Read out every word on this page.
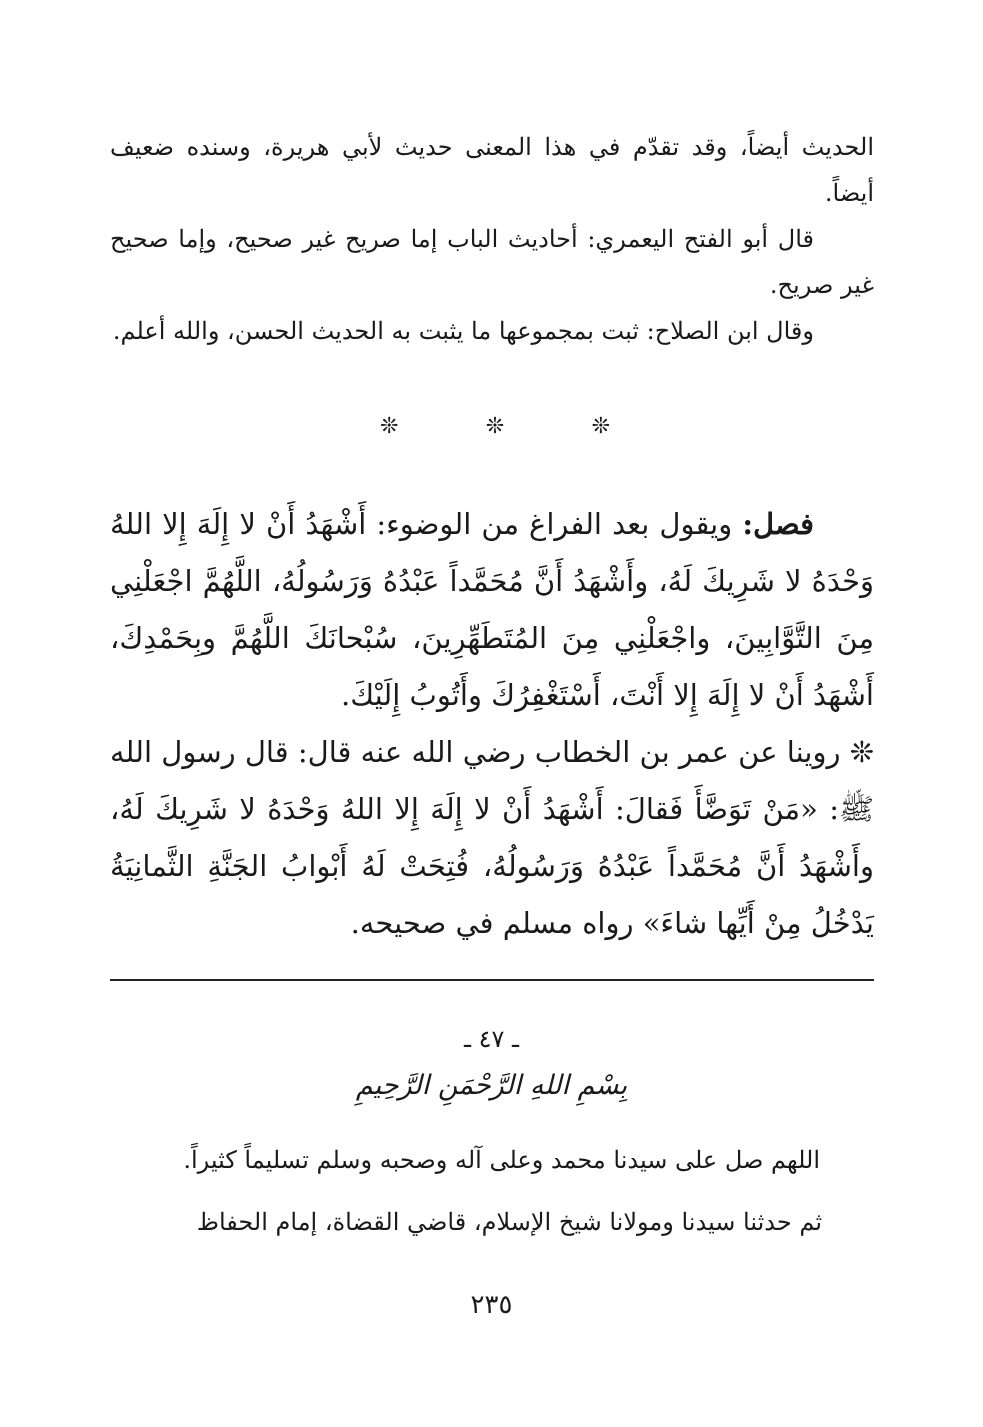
الحديث أيضاً، وقد تقدّم في هذا المعنى حديث لأبي هريرة، وسنده ضعيف أيضاً.

قال أبو الفتح اليعمري: أحاديث الباب إما صريح غير صحيح، وإما صحيح غير صريح.

وقال ابن الصلاح: ثبت بمجموعها ما يثبت به الحديث الحسن، والله أعلم.

❊	❊	❊

فصل: ويقول بعد الفراغ من الوضوء: أَشْهَدُ أَنْ لا إِلَهَ إِلا اللهُ وَحْدَهُ لا شَرِيكَ لَهُ، وأَشْهَدُ أَنَّ مُحَمَّداً عَبْدُهُ وَرَسُولُهُ، اللَّهُمَّ اجْعَلْنِي مِنَ التَّوَّابِينَ، واجْعَلْنِي مِنَ المُتَطَهِّرِينَ، سُبْحانَكَ اللَّهُمَّ وبِحَمْدِكَ، أَشْهَدُ أَنْ لا إِلَهَ إِلا أَنْتَ، أَسْتَغْفِرُكَ وأَتُوبُ إِلَيْكَ.

❊ روينا عن عمر بن الخطاب رضي الله عنه قال: قال رسول الله ﷺ: «مَنْ تَوَضَّأَ فَقالَ: أَشْهَدُ أَنْ لا إِلَهَ إِلا اللهُ وَحْدَهُ لا شَرِيكَ لَهُ، وأَشْهَدُ أَنَّ مُحَمَّداً عَبْدُهُ وَرَسُولُهُ، فُتِحَتْ لَهُ أَبْوابُ الجَنَّةِ الثَّمانِيَةُ يَدْخُلُ مِنْ أَيِّها شاءَ» رواه مسلم في صحيحه.

ـ ٤٧ ـ
بِسْمِ اللهِ الرَّحْمَنِ الرَّحِيمِ
اللهم صل على سيدنا محمد وعلى آله وصحبه وسلم تسليماً كثيراً.
ثم حدثنا سيدنا ومولانا شيخ الإسلام، قاضي القضاة، إمام الحفاظ
٢٣٥
